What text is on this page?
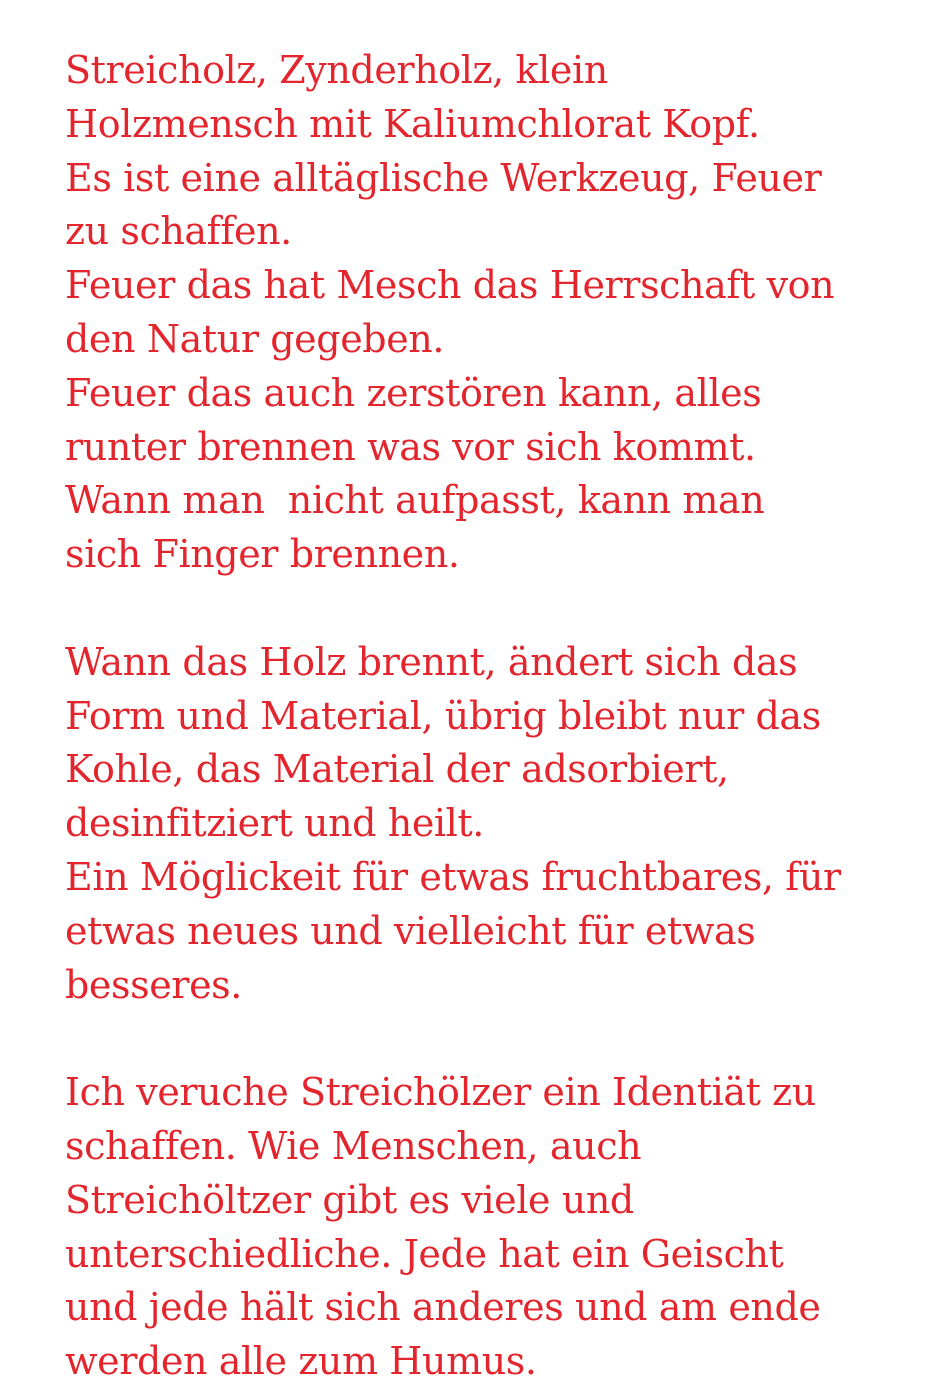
Streicholz, Zynderholz, klein
Holzmensch mit Kaliumchlorat Kopf.
Es ist eine alltäglische Werkzeug, Feuer
zu schaffen.
Feuer das hat Mesch das Herrschaft von
den Natur gegeben.
Feuer das auch zerstören kann, alles
runter brennen was vor sich kommt.
Wann man  nicht aufpasst, kann man
sich Finger brennen.
Wann das Holz brennt, ändert sich das
Form und Material, übrig bleibt nur das
Kohle, das Material der adsorbiert,
desinfitziert und heilt.
Ein Möglickeit für etwas fruchtbares, für
etwas neues und vielleicht für etwas
besseres.
Ich veruche Streichölzer ein Identiät zu
schaffen. Wie Menschen, auch
Streichöltzer gibt es viele und
unterschiedliche. Jede hat ein Geischt
und jede hält sich anderes und am ende
werden alle zum Humus.
